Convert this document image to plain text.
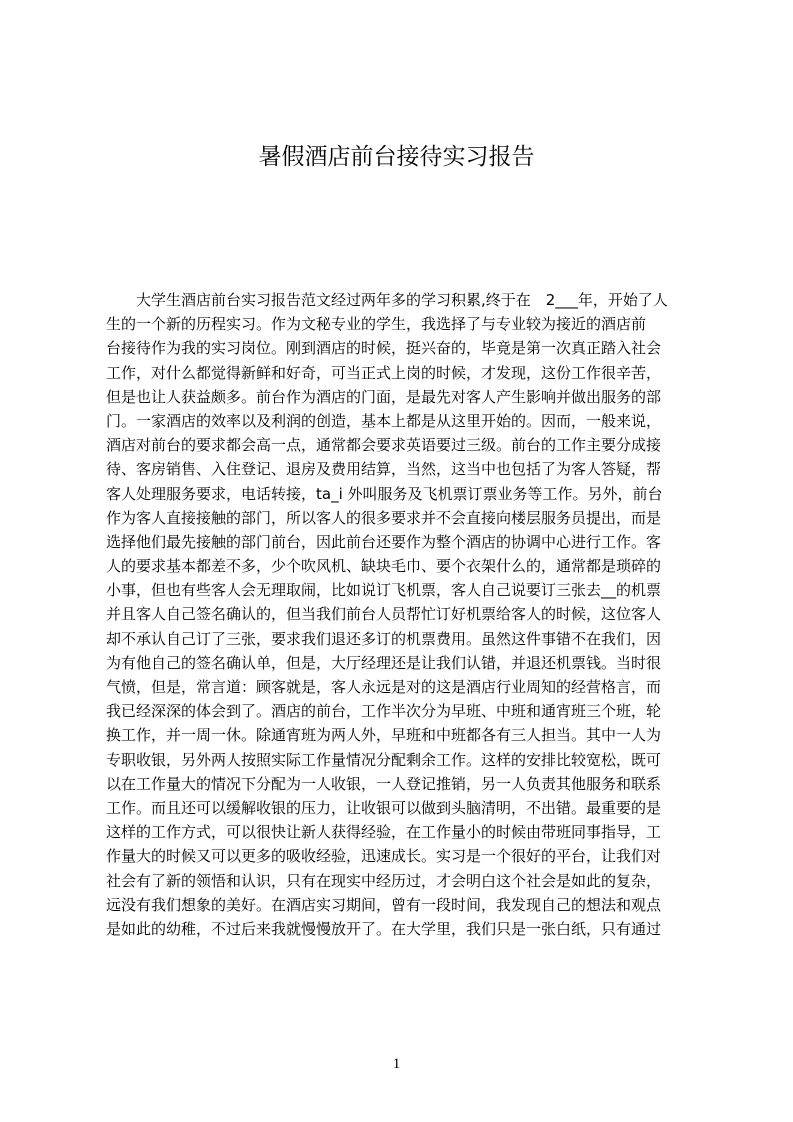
暑假酒店前台接待实习报告
　　大学生酒店前台实习报告范文经过两年多的学习积累,终于在　2___年，开始了人
生的一个新的历程实习。作为文秘专业的学生，我选择了与专业较为接近的酒店前
台接待作为我的实习岗位。刚到酒店的时候，挺兴奋的，毕竟是第一次真正踏入社会
工作，对什么都觉得新鲜和好奇，可当正式上岗的时候，才发现，这份工作很辛苦，
但是也让人获益颇多。前台作为酒店的门面，是最先对客人产生影响并做出服务的部
门。一家酒店的效率以及利润的创造，基本上都是从这里开始的。因而，一般来说，
酒店对前台的要求都会高一点，通常都会要求英语要过三级。前台的工作主要分成接
待、客房销售、入住登记、退房及费用结算，当然，这当中也包括了为客人答疑，帮
客人处理服务要求，电话转接，ta_i 外叫服务及飞机票订票业务等工作。另外，前台
作为客人直接接触的部门，所以客人的很多要求并不会直接向楼层服务员提出，而是
选择他们最先接触的部门前台，因此前台还要作为整个酒店的协调中心进行工作。客
人的要求基本都差不多，少个吹风机、缺块毛巾、要个衣架什么的，通常都是琐碎的
小事，但也有些客人会无理取闹，比如说订飞机票，客人自己说要订三张去__的机票
并且客人自己签名确认的，但当我们前台人员帮忙订好机票给客人的时候，这位客人
却不承认自己订了三张，要求我们退还多订的机票费用。虽然这件事错不在我们，因
为有他自己的签名确认单，但是，大厅经理还是让我们认错，并退还机票钱。当时很
气愤，但是，常言道：顾客就是，客人永远是对的这是酒店行业周知的经营格言，而
我已经深深的体会到了。酒店的前台，工作半次分为早班、中班和通宵班三个班，轮
换工作，并一周一休。除通宵班为两人外，早班和中班都各有三人担当。其中一人为
专职收银，另外两人按照实际工作量情况分配剩余工作。这样的安排比较宽松，既可
以在工作量大的情况下分配为一人收银，一人登记推销，另一人负责其他服务和联系
工作。而且还可以缓解收银的压力，让收银可以做到头脑清明，不出错。最重要的是
这样的工作方式，可以很快让新人获得经验，在工作量小的时候由带班同事指导，工
作量大的时候又可以更多的吸收经验，迅速成长。实习是一个很好的平台，让我们对
社会有了新的领悟和认识，只有在现实中经历过，才会明白这个社会是如此的复杂，
远没有我们想象的美好。在酒店实习期间，曾有一段时间，我发现自己的想法和观点
是如此的幼稚，不过后来我就慢慢放开了。在大学里，我们只是一张白纸，只有通过
1
